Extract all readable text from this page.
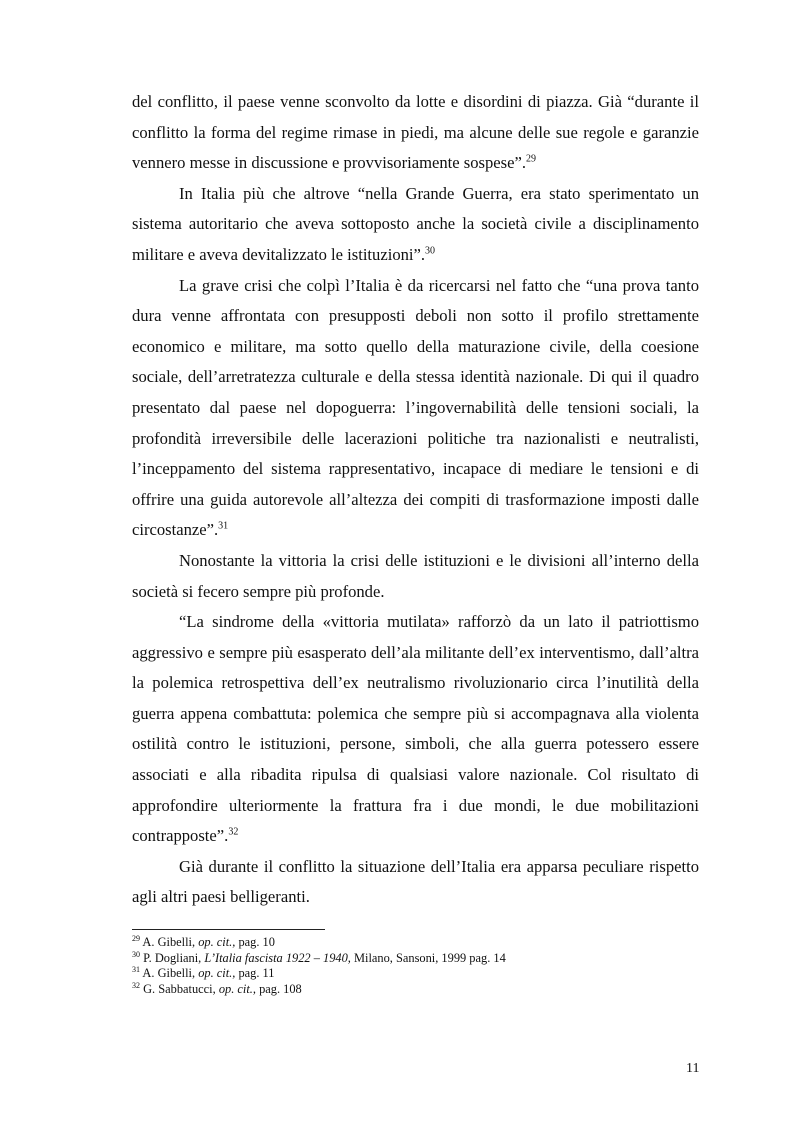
del conflitto, il paese venne sconvolto da lotte e disordini di piazza. Già “durante il conflitto la forma del regime rimase in piedi, ma alcune delle sue regole e garanzie vennero messe in discussione e provvisoriamente sospese”.$^{29}$

In Italia più che altrove “nella Grande Guerra, era stato sperimentato un sistema autoritario che aveva sottoposto anche la società civile a disciplinamento militare e aveva devitalizzato le istituzioni”.$^{30}$

La grave crisi che colpì l’Italia è da ricercarsi nel fatto che “una prova tanto dura venne affrontata con presupposti deboli non sotto il profilo strettamente economico e militare, ma sotto quello della maturazione civile, della coesione sociale, dell’arretratezza culturale e della stessa identità nazionale. Di qui il quadro presentato dal paese nel dopoguerra: l’ingovernabilità delle tensioni sociali, la profondità irreversibile delle lacerazioni politiche tra nazionalisti e neutralisti, l’inceppamento del sistema rappresentativo, incapace di mediare le tensioni e di offrire una guida autorevole all’altezza dei compiti di trasformazione imposti dalle circostanze”.$^{31}$

Nonostante la vittoria la crisi delle istituzioni e le divisioni all’interno della società si fecero sempre più profonde.

“La sindrome della «vittoria mutilata» rafforzò da un lato il patriottismo aggressivo e sempre più esasperato dell’ala militante dell’ex interventismo, dall’altra la polemica retrospettiva dell’ex neutralismo rivoluzionario circa l’inutilità della guerra appena combattuta: polemica che sempre più si accompagnava alla violenta ostilità contro le istituzioni, persone, simboli, che alla guerra potessero essere associati e alla ribadita ripulsa di qualsiasi valore nazionale. Col risultato di approfondire ulteriormente la frattura fra i due mondi, le due mobilitazioni contrapposte”.$^{32}$

Già durante il conflitto la situazione dell’Italia era apparsa peculiare rispetto agli altri paesi belligeranti.

$^{29}$ A. Gibelli, op. cit., pag. 10

$^{30}$ P. Dogliani, L’Italia fascista 1922 – 1940, Milano, Sansoni, 1999 pag. 14

$^{31}$ A. Gibelli, op. cit., pag. 11

$^{32}$ G. Sabbatucci, op. cit., pag. 108

11
